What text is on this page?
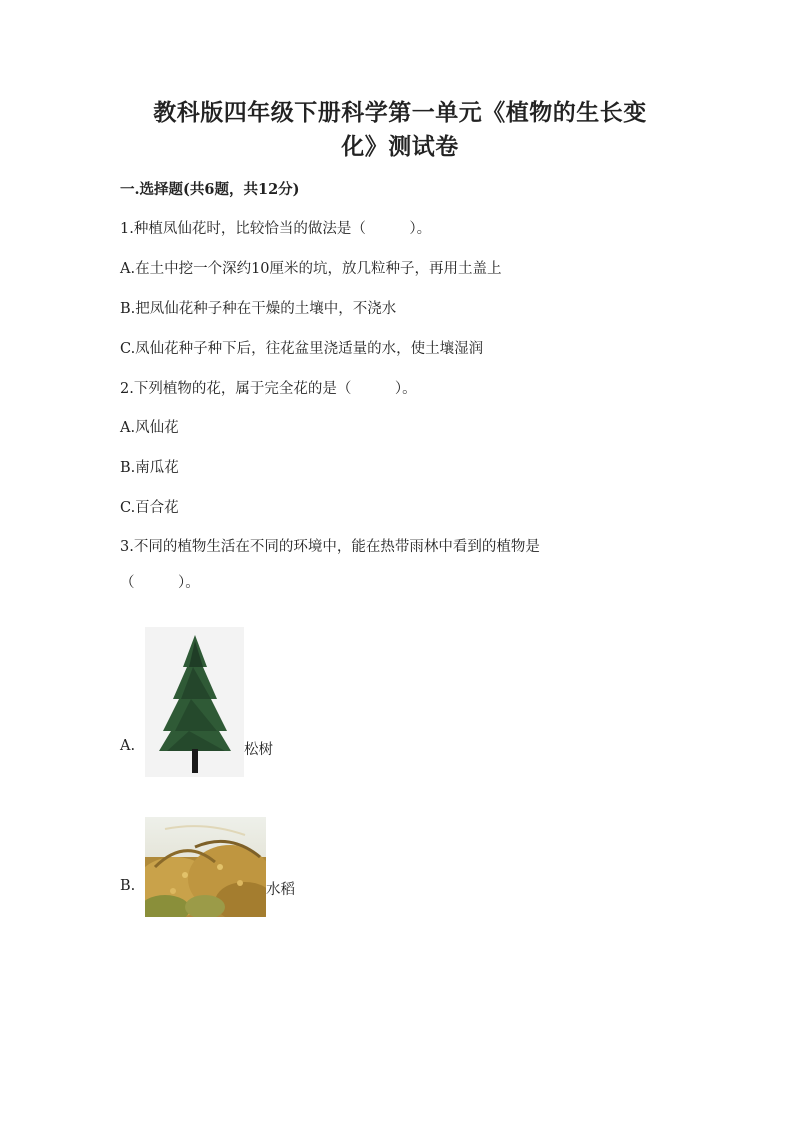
教科版四年级下册科学第一单元《植物的生长变
化》测试卷
一.选择题(共6题，共12分)
1.种植凤仙花时，比较恰当的做法是（　　　）。
A.在土中挖一个深约10厘米的坑，放几粒种子，再用土盖上
B.把凤仙花种子种在干燥的土壤中，不浇水
C.凤仙花种子种下后，往花盆里浇适量的水，使土壤湿润
2.下列植物的花，属于完全花的是（　　　）。
A.风仙花
B.南瓜花
C.百合花
3.不同的植物生活在不同的环境中，能在热带雨林中看到的植物是
（　　　）。
A.	松树
B.	水稻
